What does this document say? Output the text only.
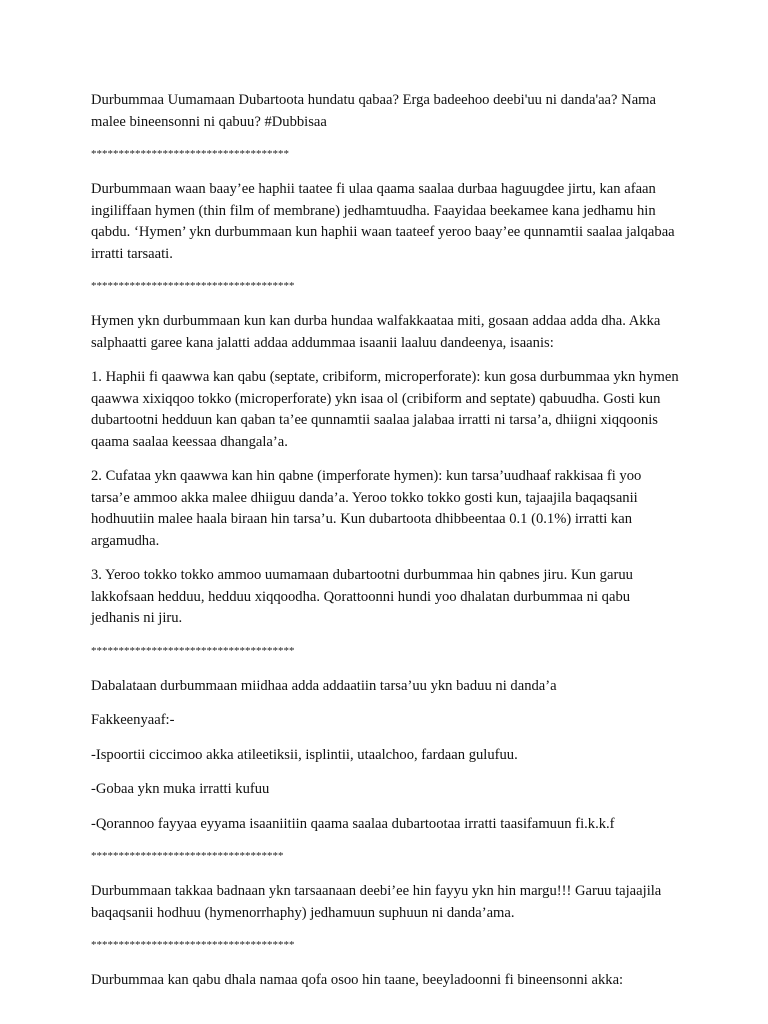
Durbummaa Uumamaan Dubartoota hundatu qabaa? Erga badeehoo deebi'uu ni danda'aa? Nama malee bineensonni ni qabuu? #Dubbisaa

************************************

Durbummaan waan baay’ee haphii taatee fi ulaa qaama saalaa durbaa haguugdee jirtu, kan afaan ingiliffaan hymen (thin film of membrane) jedhamtuudha. Faayidaa beekamee kana jedhamu hin qabdu. ‘Hymen’ ykn durbummaan kun haphii waan taateef yeroo baay’ee qunnamtii saalaa jalqabaa irratti tarsaati.

*************************************

Hymen ykn durbummaan kun kan durba hundaa walfakkaataa miti, gosaan addaa adda dha. Akka salphaatti garee kana jalatti addaa addummaa isaanii laaluu dandeenya, isaanis:

1. Haphii fi qaawwa kan qabu (septate, cribiform, microperforate): kun gosa durbummaa ykn hymen qaawwa xixiqqoo tokko (microperforate) ykn isaa ol (cribiform and septate) qabuudha. Gosti kun dubartootni hedduun kan qaban ta’ee qunnamtii saalaa jalabaa irratti ni tarsa’a, dhiigni xiqqoonis qaama saalaa keessaa dhangala’a.

2. Cufataa ykn qaawwa kan hin qabne (imperforate hymen): kun tarsa’uudhaaf rakkisaa fi yoo tarsa’e ammoo akka malee dhiiguu danda’a. Yeroo tokko tokko gosti kun, tajaajila baqaqsanii hodhuutiin malee haala biraan hin tarsa’u. Kun dubartoota dhibbeentaa 0.1 (0.1%) irratti kan argamudha.

3. Yeroo tokko tokko ammoo uumamaan dubartootni durbummaa hin qabnes jiru. Kun garuu lakkofsaan hedduu, hedduu xiqqoodha. Qorattoonni hundi yoo dhalatan durbummaa ni qabu jedhanis ni jiru.

*************************************

Dabalataan durbummaan miidhaa adda addaatiin tarsa’uu ykn baduu ni danda’a

Fakkeenyaaf:-

-Ispoortii ciccimoo akka atileetiksii, isplintii, utaalchoo, fardaan gulufuu.

-Gobaa ykn muka irratti kufuu

-Qorannoo fayyaa eyyama isaaniitiin qaama saalaa dubartootaa irratti taasifamuun fi.k.k.f

***********************************

Durbummaan takkaa badnaan ykn tarsaanaan deebi’ee hin fayyu ykn hin margu!!! Garuu tajaajila baqaqsanii hodhuu (hymenorrhaphy) jedhamuun suphuun ni danda’ama.

*************************************

Durbummaa kan qabu dhala namaa qofa osoo hin taane, beeyladoonni fi bineensonni akka:
